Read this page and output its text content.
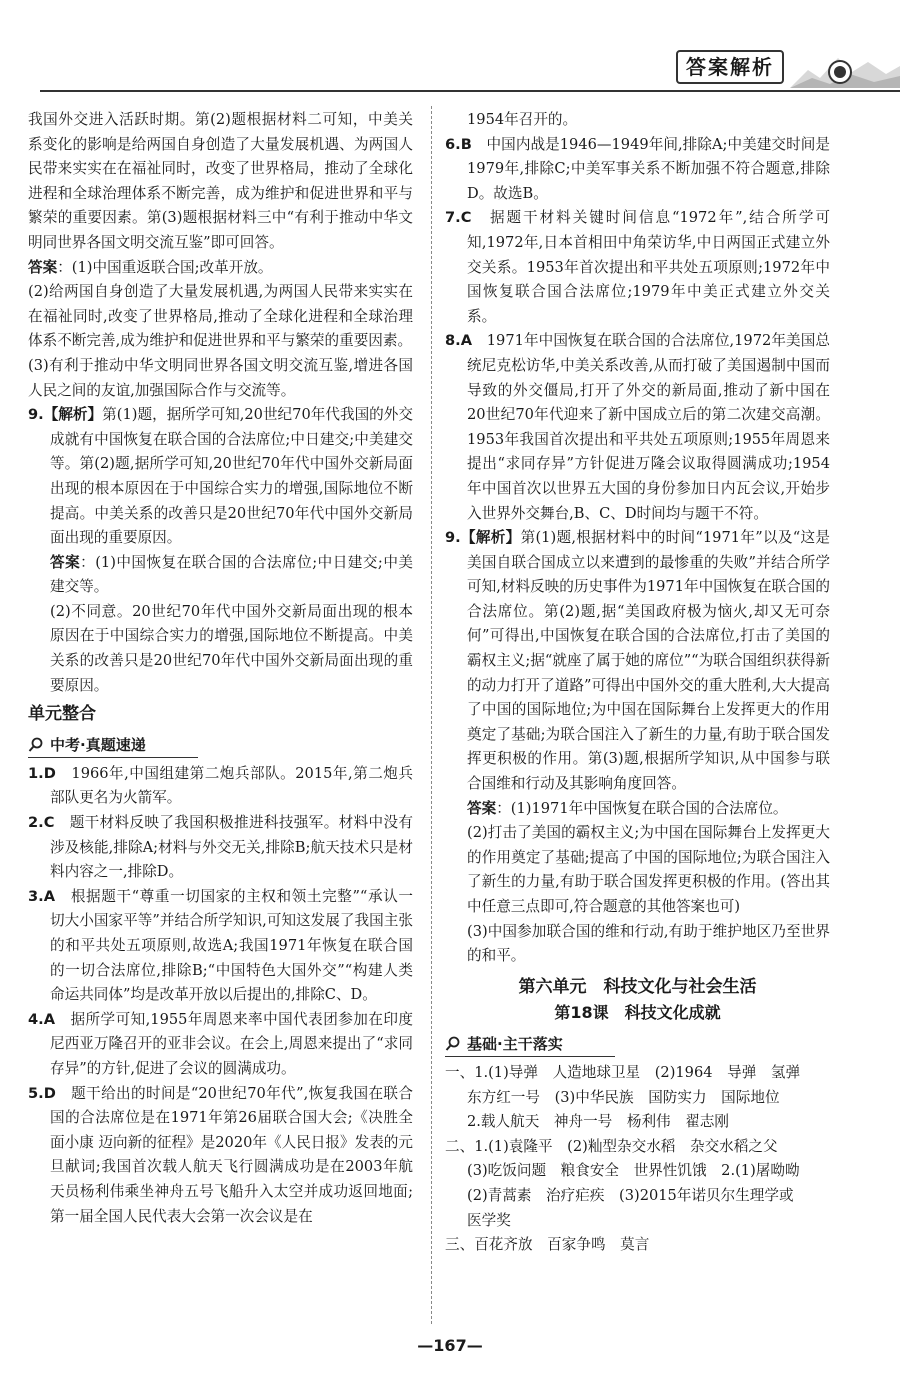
答案解析

我国外交进入活跃时期。第(2)题根据材料二可知，中美关系变化的影响是给两国自身创造了大量发展机遇、为两国人民带来实实在在福祉同时，改变了世界格局，推动了全球化进程和全球治理体系不断完善，成为维护和促进世界和平与繁荣的重要因素。第(3)题根据材料三中“有利于推动中华文明同世界各国文明交流互鉴”即可回答。

答案：(1)中国重返联合国;改革开放。

(2)给两国自身创造了大量发展机遇,为两国人民带来实实在在福祉同时,改变了世界格局,推动了全球化进程和全球治理体系不断完善,成为维护和促进世界和平与繁荣的重要因素。

(3)有利于推动中华文明同世界各国文明交流互鉴,增进各国人民之间的友谊,加强国际合作与交流等。

9.【解析】第(1)题，据所学可知,20世纪70年代我国的外交成就有中国恢复在联合国的合法席位;中日建交;中美建交等。第(2)题,据所学可知,20世纪70年代中国外交新局面出现的根本原因在于中国综合实力的增强,国际地位不断提高。中美关系的改善只是20世纪70年代中国外交新局面出现的重要原因。

答案：(1)中国恢复在联合国的合法席位;中日建交;中美建交等。

(2)不同意。20世纪70年代中国外交新局面出现的根本原因在于中国综合实力的增强,国际地位不断提高。中美关系的改善只是20世纪70年代中国外交新局面出现的重要原因。

单元整合
中考·真题速递

1.D　 1966年,中国组建第二炮兵部队。2015年,第二炮兵部队更名为火箭军。

2.C　 题干材料反映了我国积极推进科技强军。材料中没有涉及核能,排除A;材料与外交无关,排除B;航天技术只是材料内容之一,排除D。

3.A　 根据题干“尊重一切国家的主权和领土完整”“承认一切大小国家平等”并结合所学知识,可知这发展了我国主张的和平共处五项原则,故选A;我国1971年恢复在联合国的一切合法席位,排除B;“中国特色大国外交”“构建人类命运共同体”均是改革开放以后提出的,排除C、D。

4.A　 据所学可知,1955年周恩来率中国代表团参加在印度尼西亚万隆召开的亚非会议。在会上,周恩来提出了“求同存异”的方针,促进了会议的圆满成功。

5.D　 题干给出的时间是“20世纪70年代”,恢复我国在联合国的合法席位是在1971年第26届联合国大会;《决胜全面小康 迈向新的征程》是2020年《人民日报》发表的元旦献词;我国首次载人航天飞行圆满成功是在2003年航天员杨利伟乘坐神舟五号飞船升入太空并成功返回地面;第一届全国人民代表大会第一次会议是在

1954年召开的。

6.B　 中国内战是1946—1949年间,排除A;中美建交时间是1979年,排除C;中美军事关系不断加强不符合题意,排除D。故选B。

7.C　 据题干材料关键时间信息“1972年”,结合所学可知,1972年,日本首相田中角荣访华,中日两国正式建立外交关系。1953年首次提出和平共处五项原则;1972年中国恢复联合国合法席位;1979年中美正式建立外交关系。

8.A　 1971年中国恢复在联合国的合法席位,1972年美国总统尼克松访华,中美关系改善,从而打破了美国遏制中国而导致的外交僵局,打开了外交的新局面,推动了新中国在20世纪70年代迎来了新中国成立后的第二次建交高潮。1953年我国首次提出和平共处五项原则;1955年周恩来提出“求同存异”方针促进万隆会议取得圆满成功;1954年中国首次以世界五大国的身份参加日内瓦会议,开始步入世界外交舞台,B、C、D时间均与题干不符。

9.【解析】第(1)题,根据材料中的时间“1971年”以及“这是美国自联合国成立以来遭到的最惨重的失败”并结合所学可知,材料反映的历史事件为1971年中国恢复在联合国的合法席位。第(2)题,据“美国政府极为恼火,却又无可奈何”可得出,中国恢复在联合国的合法席位,打击了美国的霸权主义;据“就座了属于她的席位”“为联合国组织获得新的动力打开了道路”可得出中国外交的重大胜利,大大提高了中国的国际地位;为中国在国际舞台上发挥更大的作用奠定了基础;为联合国注入了新生的力量,有助于联合国发挥更积极的作用。第(3)题,根据所学知识,从中国参与联合国维和行动及其影响角度回答。

答案：(1)1971年中国恢复在联合国的合法席位。

(2)打击了美国的霸权主义;为中国在国际舞台上发挥更大的作用奠定了基础;提高了中国的国际地位;为联合国注入了新生的力量,有助于联合国发挥更积极的作用。(答出其中任意三点即可,符合题意的其他答案也可)

(3)中国参加联合国的维和行动,有助于维护地区乃至世界的和平。

第六单元　科技文化与社会生活
第18课　科技文化成就
基础·主干落实

一、1.(1)导弹　人造地球卫星　(2)1964　导弹　氢弹

东方红一号　(3)中华民族　国防实力　国际地位

2.载人航天　神舟一号　杨利伟　翟志刚

二、1.(1)袁隆平　(2)籼型杂交水稻　杂交水稻之父

(3)吃饭问题　粮食安全　世界性饥饿　2.(1)屠呦呦

(2)青蒿素　治疗疟疾　(3)2015年诺贝尔生理学或

医学奖

三、百花齐放　百家争鸣　莫言

—167—
